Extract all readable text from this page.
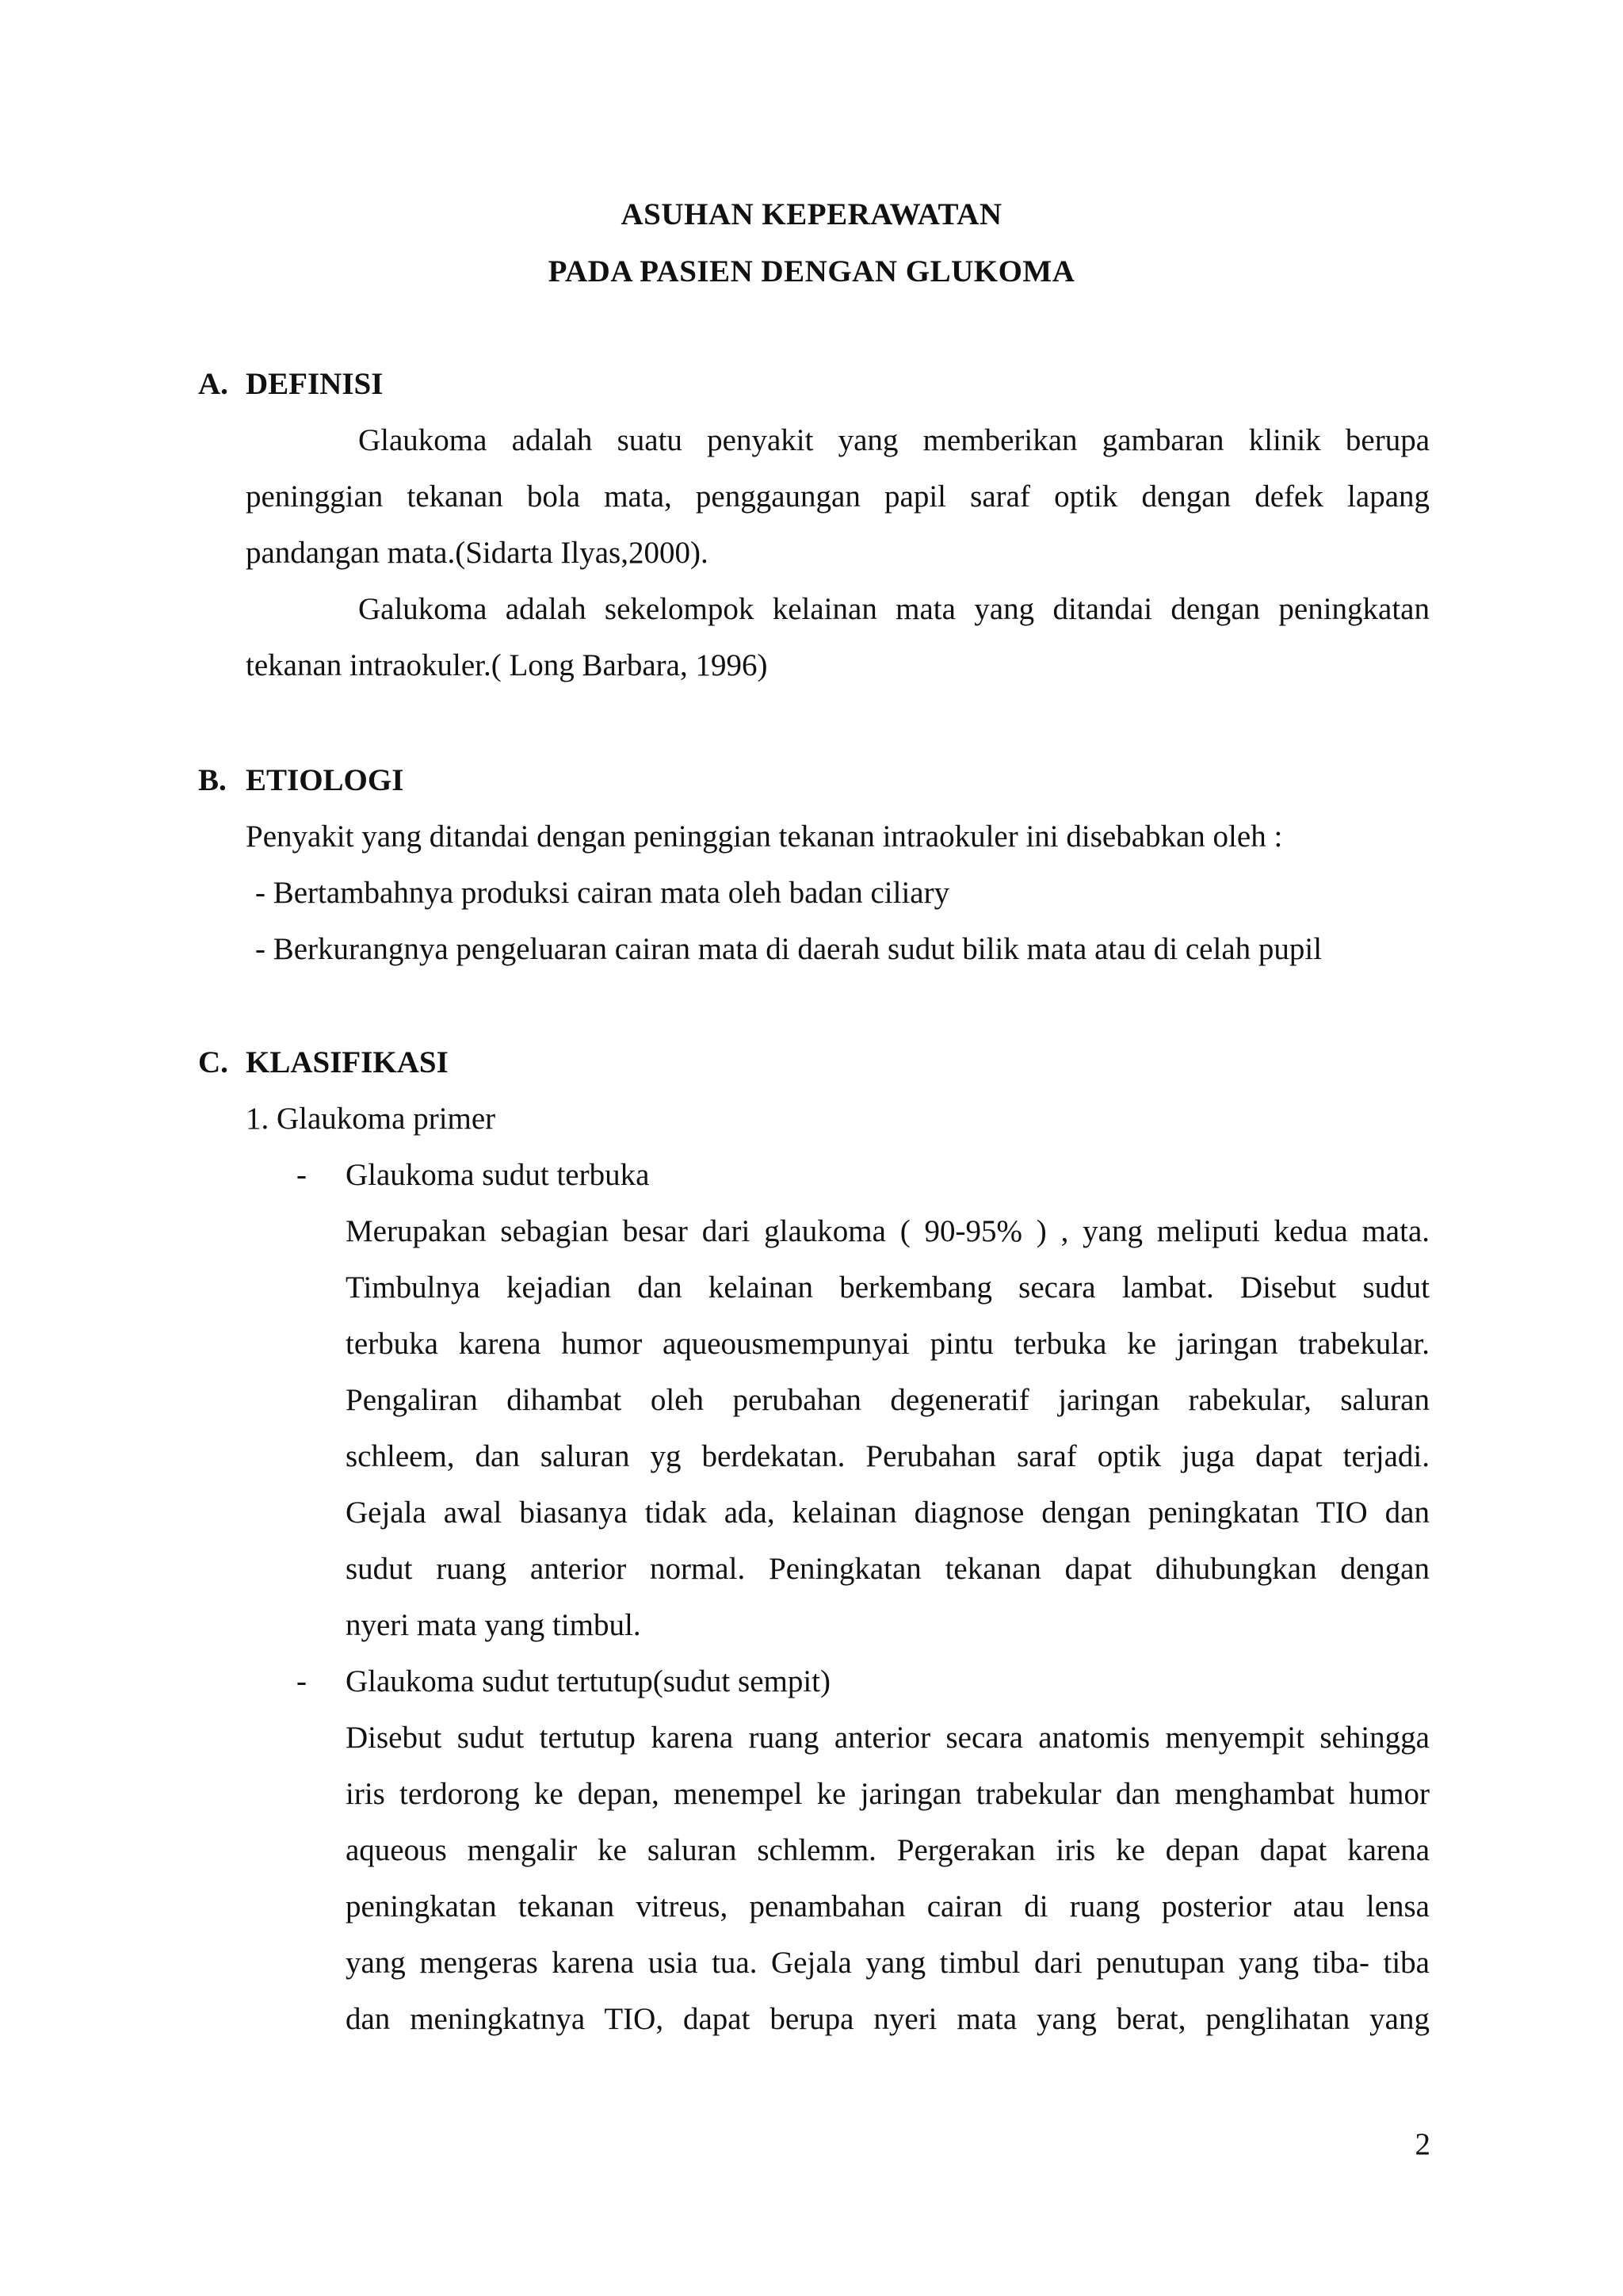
ASUHAN KEPERAWATAN
PADA PASIEN DENGAN GLUKOMA
A. DEFINISI
Glaukoma adalah suatu penyakit yang memberikan gambaran klinik berupa
peninggian tekanan bola mata, penggaungan papil saraf optik dengan defek lapang
pandangan mata.(Sidarta Ilyas,2000).
Galukoma adalah sekelompok kelainan mata yang ditandai dengan peningkatan
tekanan intraokuler.( Long Barbara, 1996)
B. ETIOLOGI
Penyakit yang ditandai dengan peninggian tekanan intraokuler ini disebabkan oleh :
- Bertambahnya produksi cairan mata oleh badan ciliary
- Berkurangnya pengeluaran cairan mata di daerah sudut bilik mata atau di celah pupil
C. KLASIFIKASI
1. Glaukoma primer
- Glaukoma sudut terbuka
Merupakan sebagian besar dari glaukoma ( 90-95% ) , yang meliputi kedua mata.
Timbulnya kejadian dan kelainan berkembang secara lambat. Disebut sudut
terbuka karena humor aqueousmempunyai pintu terbuka ke jaringan trabekular.
Pengaliran dihambat oleh perubahan degeneratif jaringan rabekular, saluran
schleem, dan saluran yg berdekatan. Perubahan saraf optik juga dapat terjadi.
Gejala awal biasanya tidak ada, kelainan diagnose dengan peningkatan TIO dan
sudut ruang anterior normal. Peningkatan tekanan dapat dihubungkan dengan
nyeri mata yang timbul.
- Glaukoma sudut tertutup(sudut sempit)
Disebut sudut tertutup karena ruang anterior secara anatomis menyempit sehingga
iris terdorong ke depan, menempel ke jaringan trabekular dan menghambat humor
aqueous mengalir ke saluran schlemm. Pergerakan iris ke depan dapat karena
peningkatan tekanan vitreus, penambahan cairan di ruang posterior atau lensa
yang mengeras karena usia tua. Gejala yang timbul dari penutupan yang tiba- tiba
dan meningkatnya TIO, dapat berupa nyeri mata yang berat, penglihatan yang
2
